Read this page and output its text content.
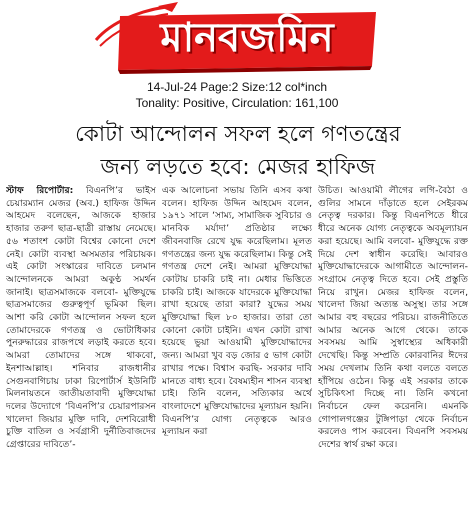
মানবজমিন
14-Jul-24 Page:2 Size:12 col*inch
Tonality: Positive, Circulation: 161,100
কোটা আন্দোলন সফল হলে গণতন্ত্রের
জন্য লড়তে হবে: মেজর হাফিজ

স্টাফ রিপোর্টার: বিএনপি’র ভাইস চেয়ারম্যান মেজর (অব.) হাফিজ উদ্দিন আহমেদ বলেছেন, আজকে হাজার হাজার তরুণ ছাত্র-ছাত্রী রাস্তায় নেমেছে। ৫৬ শতাংশ কোটা বিশ্বের কোনো দেশে নেই। কোটা ব্যবস্থা অসমতার পরিচায়ক। এই কোটা সংস্কারের দাবিতে চলমান আন্দোলনকে আমরা অকুণ্ঠ সমর্থন জানাই। ছাত্রসমাজকে বলবো- মুক্তিযুদ্ধে ছাত্রসমাজের গুরুত্বপূর্ণ ভূমিকা ছিল। আশা করি কোটা আন্দোলন সফল হলে তোমাদেরকে গণতন্ত্র ও ভোটাধিকার পুনরুদ্ধারের রাজপথে লড়াই করতে হবে। আমরা তোমাদের সঙ্গে থাকবো, ইনশাআল্লাহ। শনিবার রাজধানীর সেগুনবাগিচায় ঢাকা রিপোর্টার্স ইউনিটি মিলনায়তনে জাতীয়তাবাদী মুক্তিযোদ্ধা দলের উদ্যোগে ‘বিএনপি’র চেয়ারপারসন খালেদা জিয়ার মুক্তি দাবি, দেশবিরোধী চুক্তি বাতিল ও সর্বগ্রাসী দুর্নীতিবাজদের গ্রেপ্তারের দাবিতে’-

এক আলোচনা সভায় তিনি এসব কথা বলেন। হাফিজ উদ্দিন আহমেদ বলেন, ১৯৭১ সালে ‘সাম্য, সামাজিক সুবিচার ও মানবিক মর্যাদা’ প্রতিষ্ঠার লক্ষ্যে জীবনবাজি রেখে যুদ্ধ করেছিলাম। মূলত গণতন্ত্রের জন্য যুদ্ধ করেছিলাম। কিন্তু সেই গণতন্ত্র দেশে নেই। আমরা মুক্তিযোদ্ধা কোটায় চাকরি চাই না। মেধার ভিত্তিতে চাকরি চাই। আজকে যাদেরকে মুক্তিযোদ্ধা রাখা হয়েছে তারা কারা? যুদ্ধের সময় মুক্তিযোদ্ধা ছিল ৮০ হাজার। তারা তো কোনো কোটা চাইনি। এখন কোটা রাখা হয়েছে ভুয়া আওয়ামী মুক্তিযোদ্ধাদের জন্য। আমরা খুব বড় জোর ৫ ভাগ কোটা রাখার পক্ষে। বিশ্বাস করছি- সরকার দাবি মানতে বাধ্য হবে। বৈষম্যহীন শাসন ব্যবস্থা চাই। তিনি বলেন, সত্যিকার অর্থে বাংলাদেশে মুক্তিযোদ্ধাদের মূল্যায়ন হয়নি। বিএনপি’র যোগ্য নেতৃত্বকে আরও মূল্যায়ন করা

উচিত। আওয়ামী লীগের লগি-বৈঠা ও গুলির সামনে দাঁড়াতে হলে সেইরকম নেতৃত্ব দরকার। কিন্তু বিএনপিতে ধীরে ধীরে অনেক যোগ্য নেতৃত্বকে অবমূল্যায়ন করা হয়েছে। আমি বলবো- মুক্তিযুদ্ধে রক্ত দিয়ে দেশ স্বাধীন করেছি। আবারও মুক্তিযোদ্ধাদেরকে আগামীতে আন্দোলন-সংগ্রামে নেতৃত্ব দিতে হবে। সেই প্রস্তুতি নিয়ে রাখুন। মেজর হাফিজ বলেন, খালেদা জিয়া অত্যন্ত অসুস্থ। তার সঙ্গে আমার বহু বছরের পরিচয়। রাজনীতিতে আমার অনেক আগে থেকে। তাকে সবসময় আমি সুস্বাস্থ্যের অধিকারী দেখেছি। কিন্তু সম্প্রতি কোরবানির ঈদের সময় দেখলাম তিনি কথা বলতে বলতে হাঁপিয়ে ওঠেন। কিন্তু এই সরকার তাকে সুচিকিৎসা দিচ্ছে না। তিনি কখনো নির্বাচনে ফেল করেননি। এমনকি গোপালগঞ্জের টুঙ্গিপাড়া থেকে নির্বাচন করলেও পাস করবেন। বিএনপি সবসময় দেশের স্বার্থ রক্ষা করে।
